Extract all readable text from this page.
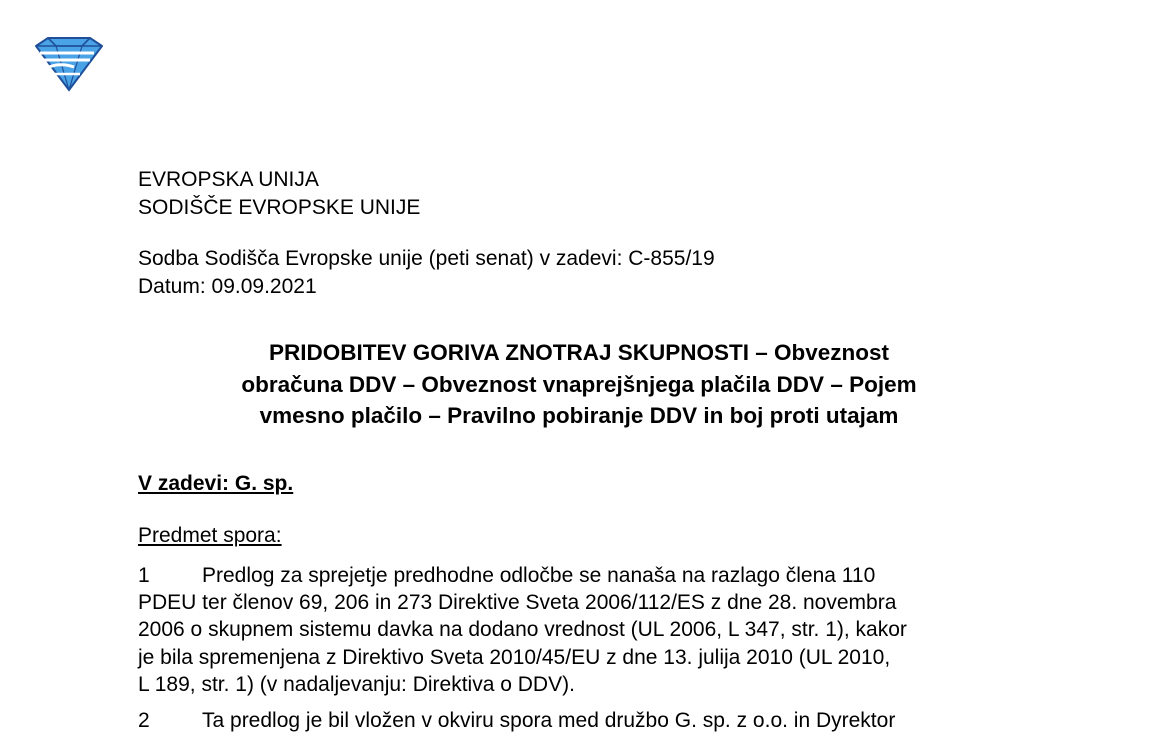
EVROPSKA UNIJA
SODIŠČE EVROPSKE UNIJE
Sodba Sodišča Evropske unije (peti senat) v zadevi: C-855/19
Datum: 09.09.2021
PRIDOBITEV GORIVA ZNOTRAJ SKUPNOSTI – Obveznost
obračuna DDV – Obveznost vnaprejšnjega plačila DDV – Pojem
vmesno plačilo – Pravilno pobiranje DDV in boj proti utajam
V zadevi: G. sp.
Predmet spora:
1 Predlog za sprejetje predhodne odločbe se nanaša na razlago člena 110
PDEU ter členov 69, 206 in 273 Direktive Sveta 2006/112/ES z dne 28. novembra
2006 o skupnem sistemu davka na dodano vrednost (UL 2006, L 347, str. 1), kakor
je bila spremenjena z Direktivo Sveta 2010/45/EU z dne 13. julija 2010 (UL 2010,
L 189, str. 1) (v nadaljevanju: Direktiva o DDV).
2 Ta predlog je bil vložen v okviru spora med družbo G. sp. z o.o. in Dyrektor
